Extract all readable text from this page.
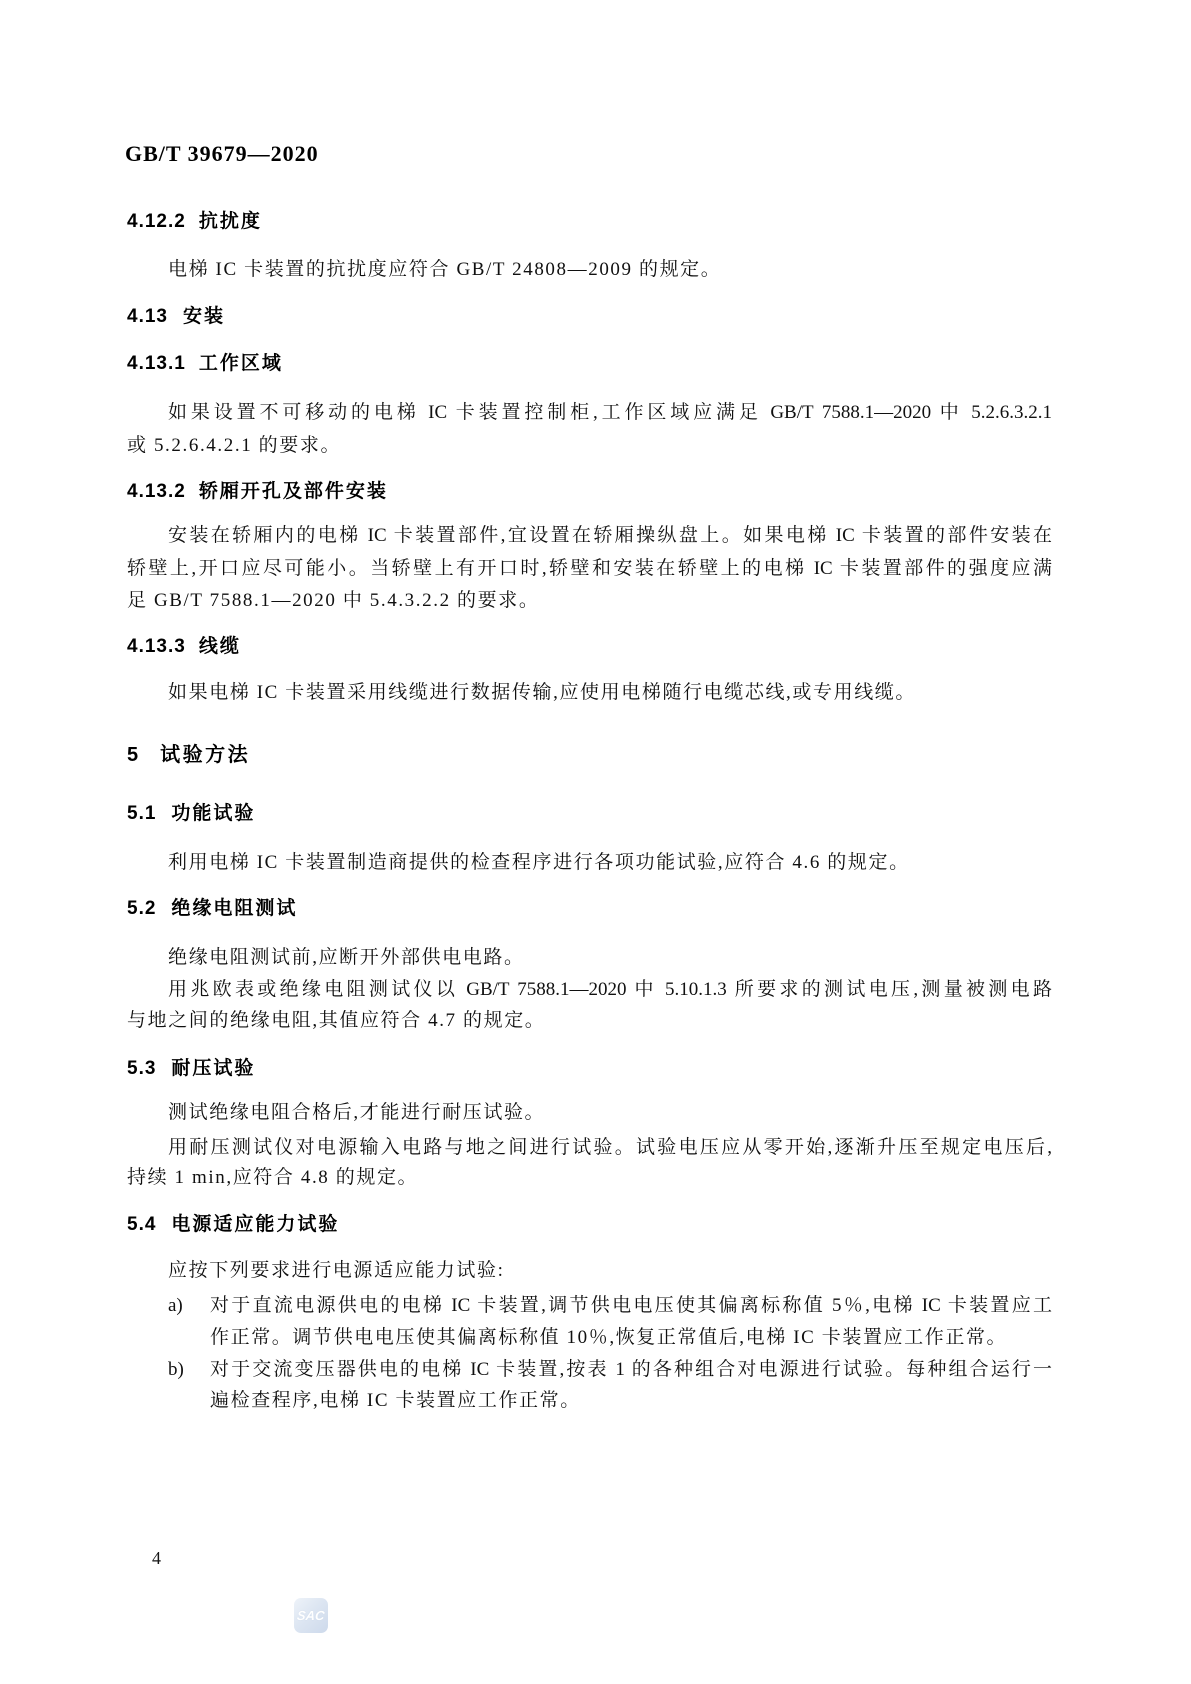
GB/T 39679—2020
4.12.2 抗扰度
电梯 IC 卡装置的抗扰度应符合 GB/T 24808—2009 的规定。
4.13 安装
4.13.1 工作区域
如果设置不可移动的电梯 IC 卡装置控制柜,工作区域应满足 GB/T 7588.1—2020 中 5.2.6.3.2.1
或 5.2.6.4.2.1 的要求。
4.13.2 轿厢开孔及部件安装
安装在轿厢内的电梯 IC 卡装置部件,宜设置在轿厢操纵盘上。如果电梯 IC 卡装置的部件安装在
轿壁上,开口应尽可能小。当轿壁上有开口时,轿壁和安装在轿壁上的电梯 IC 卡装置部件的强度应满
足 GB/T 7588.1—2020 中 5.4.3.2.2 的要求。
4.13.3 线缆
如果电梯 IC 卡装置采用线缆进行数据传输,应使用电梯随行电缆芯线,或专用线缆。
5 试验方法
5.1 功能试验
利用电梯 IC 卡装置制造商提供的检查程序进行各项功能试验,应符合 4.6 的规定。
5.2 绝缘电阻测试
绝缘电阻测试前,应断开外部供电电路。
用兆欧表或绝缘电阻测试仪以 GB/T 7588.1—2020 中 5.10.1.3 所要求的测试电压,测量被测电路
与地之间的绝缘电阻,其值应符合 4.7 的规定。
5.3 耐压试验
测试绝缘电阻合格后,才能进行耐压试验。
用耐压测试仪对电源输入电路与地之间进行试验。试验电压应从零开始,逐渐升压至规定电压后,
持续 1 min,应符合 4.8 的规定。
5.4 电源适应能力试验
应按下列要求进行电源适应能力试验:
a) 对于直流电源供电的电梯 IC 卡装置,调节供电电压使其偏离标称值 5％,电梯 IC 卡装置应工
作正常。调节供电电压使其偏离标称值 10％,恢复正常值后,电梯 IC 卡装置应工作正常。
b) 对于交流变压器供电的电梯 IC 卡装置,按表 1 的各种组合对电源进行试验。每种组合运行一
遍检查程序,电梯 IC 卡装置应工作正常。
4
SAC
